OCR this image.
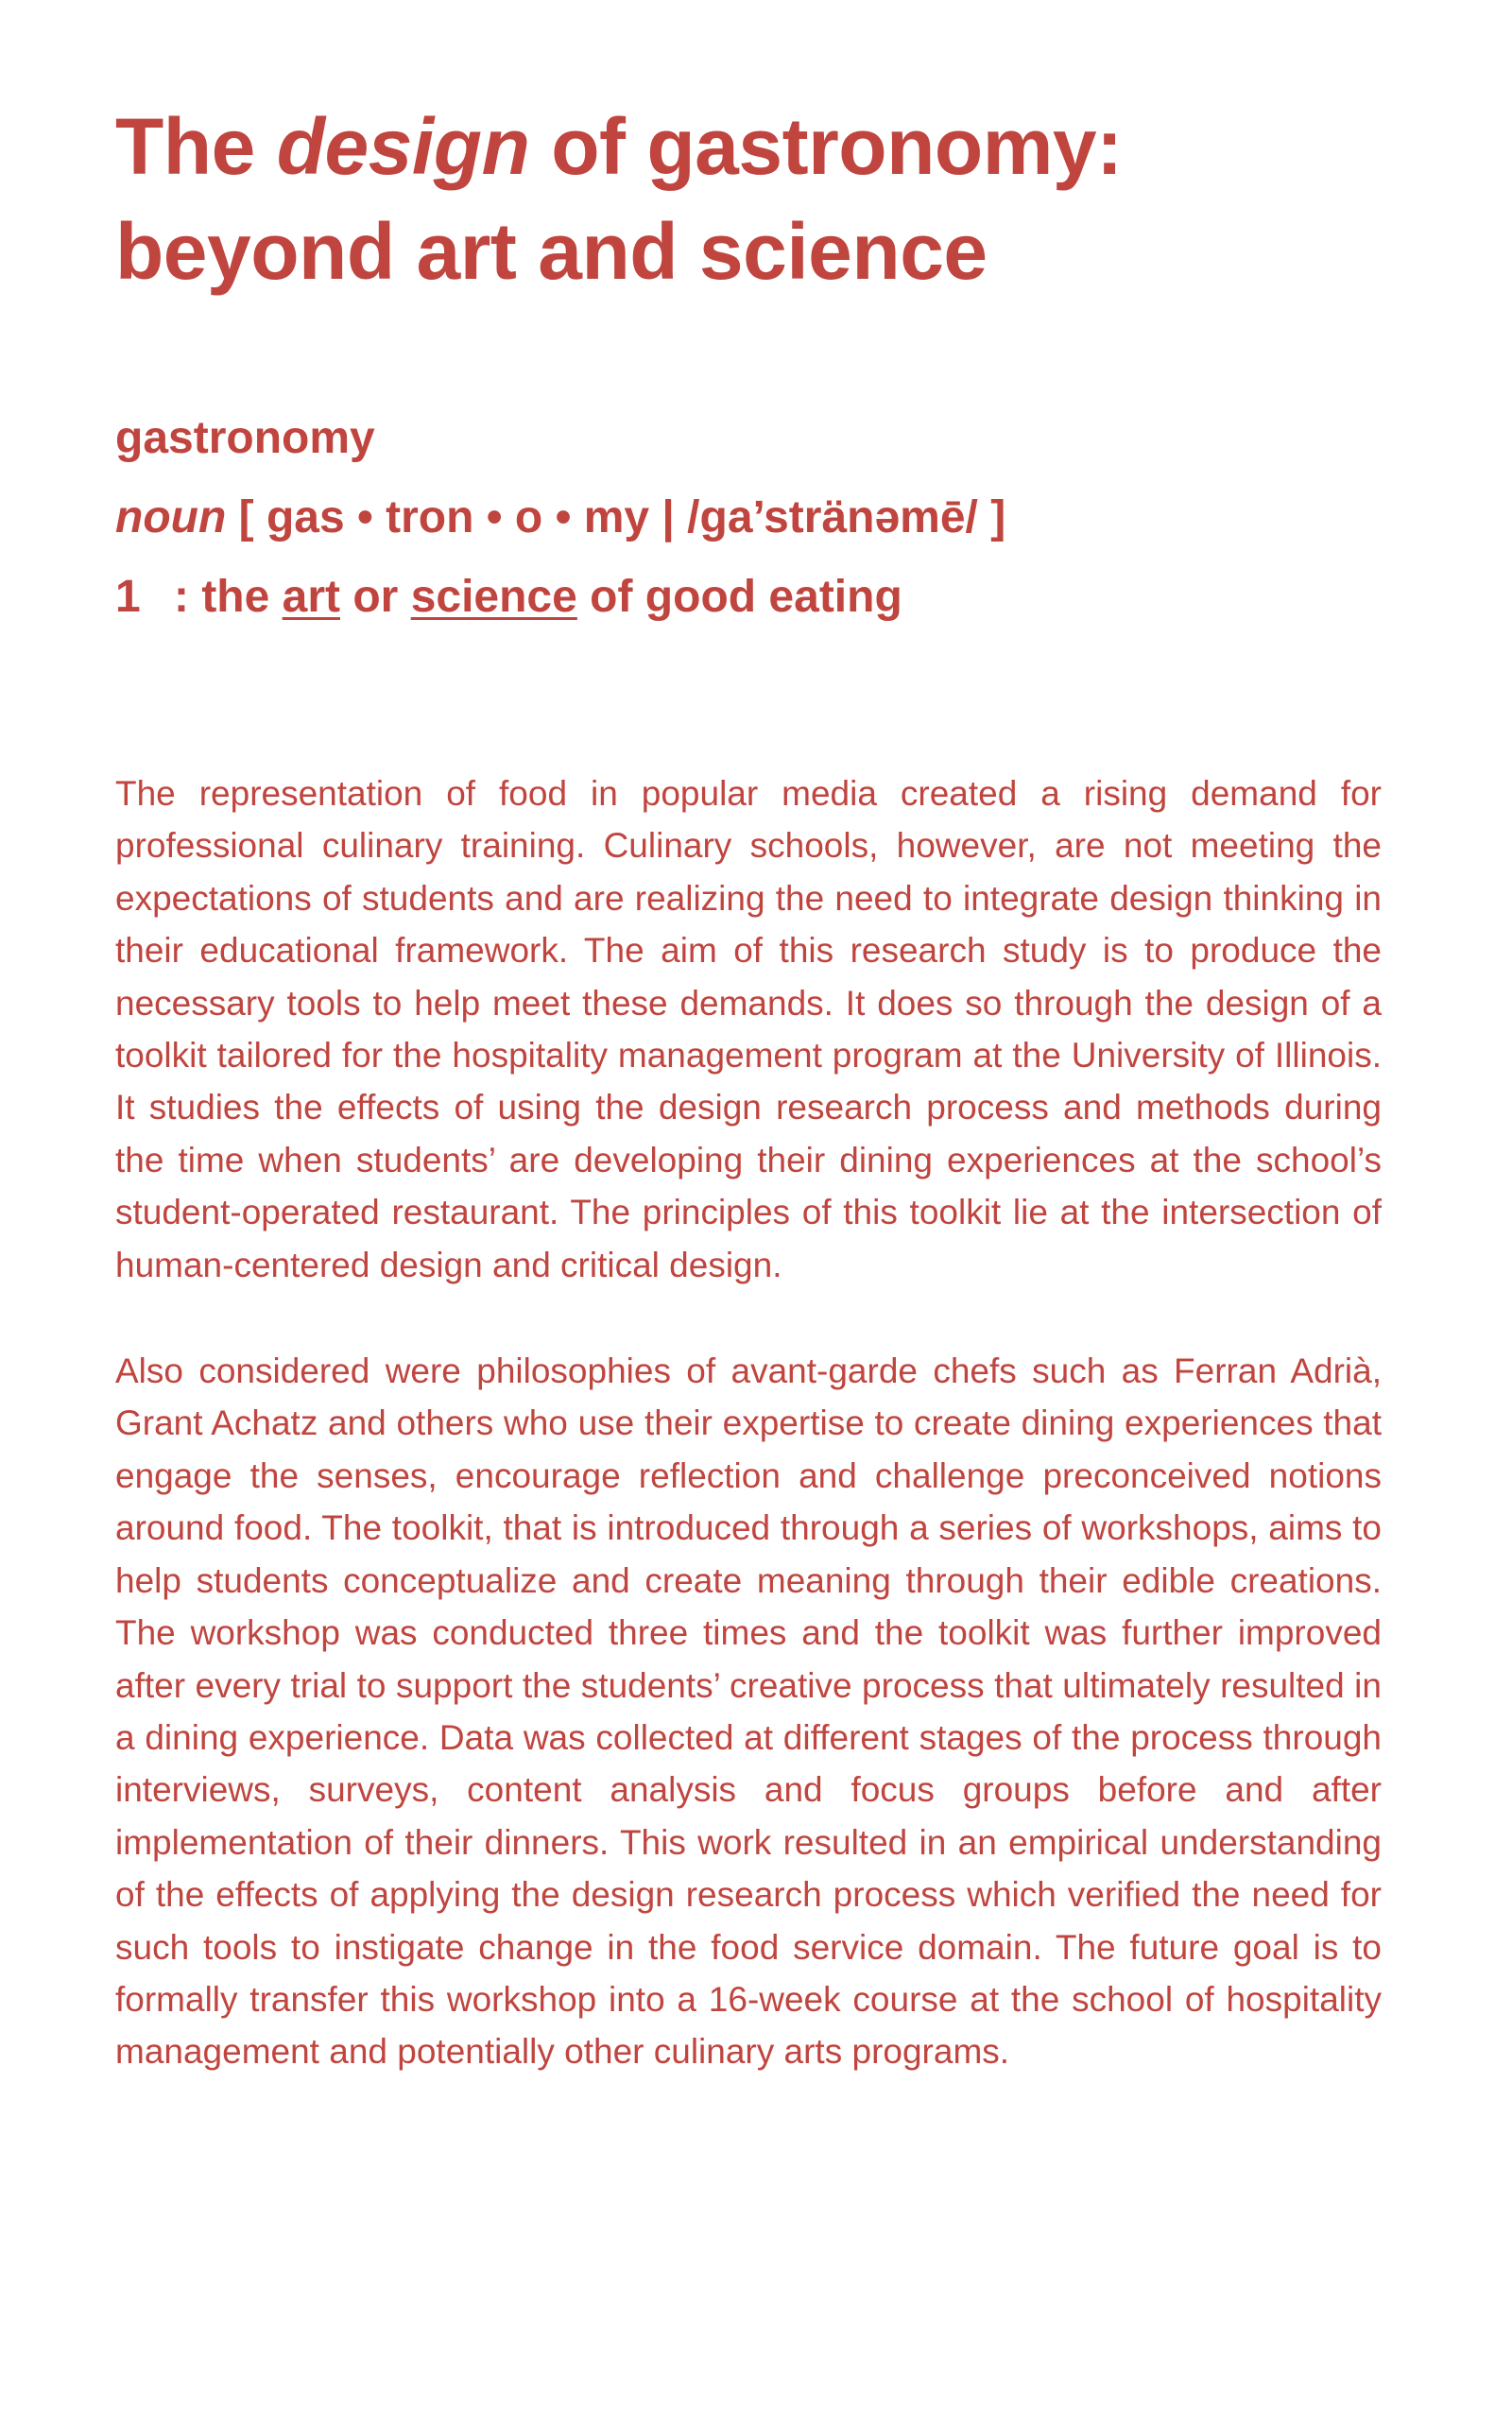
The design of gastronomy:
beyond art and science
gastronomy
noun [ gas • tron • o • my | /ga’stränəmē/ ]
1 : the art or science of good eating

The representation of food in popular media created a rising demand for professional culinary training. Culinary schools, however, are not meeting the expectations of students and are realizing the need to integrate design thinking in their educational framework. The aim of this research study is to produce the necessary tools to help meet these demands. It does so through the design of a toolkit tailored for the hospitality management program at the University of Illinois. It studies the effects of using the design research process and methods during the time when students’ are developing their dining experiences at the school’s student-operated restaurant. The principles of this toolkit lie at the intersection of human-centered design and critical design.

Also considered were philosophies of avant-garde chefs such as Ferran Adrià, Grant Achatz and others who use their expertise to create dining experiences that engage the senses, encourage reflection and challenge preconceived notions around food. The toolkit, that is introduced through a series of workshops, aims to help students conceptualize and create meaning through their edible creations. The workshop was conducted three times and the toolkit was further improved after every trial to support the students’ creative process that ultimately resulted in a dining experience. Data was collected at different stages of the process through interviews, surveys, content analysis and focus groups before and after implementation of their dinners. This work resulted in an empirical understanding of the effects of applying the design research process which verified the need for such tools to instigate change in the food service domain. The future goal is to formally transfer this workshop into a 16-week course at the school of hospitality management and potentially other culinary arts programs.
